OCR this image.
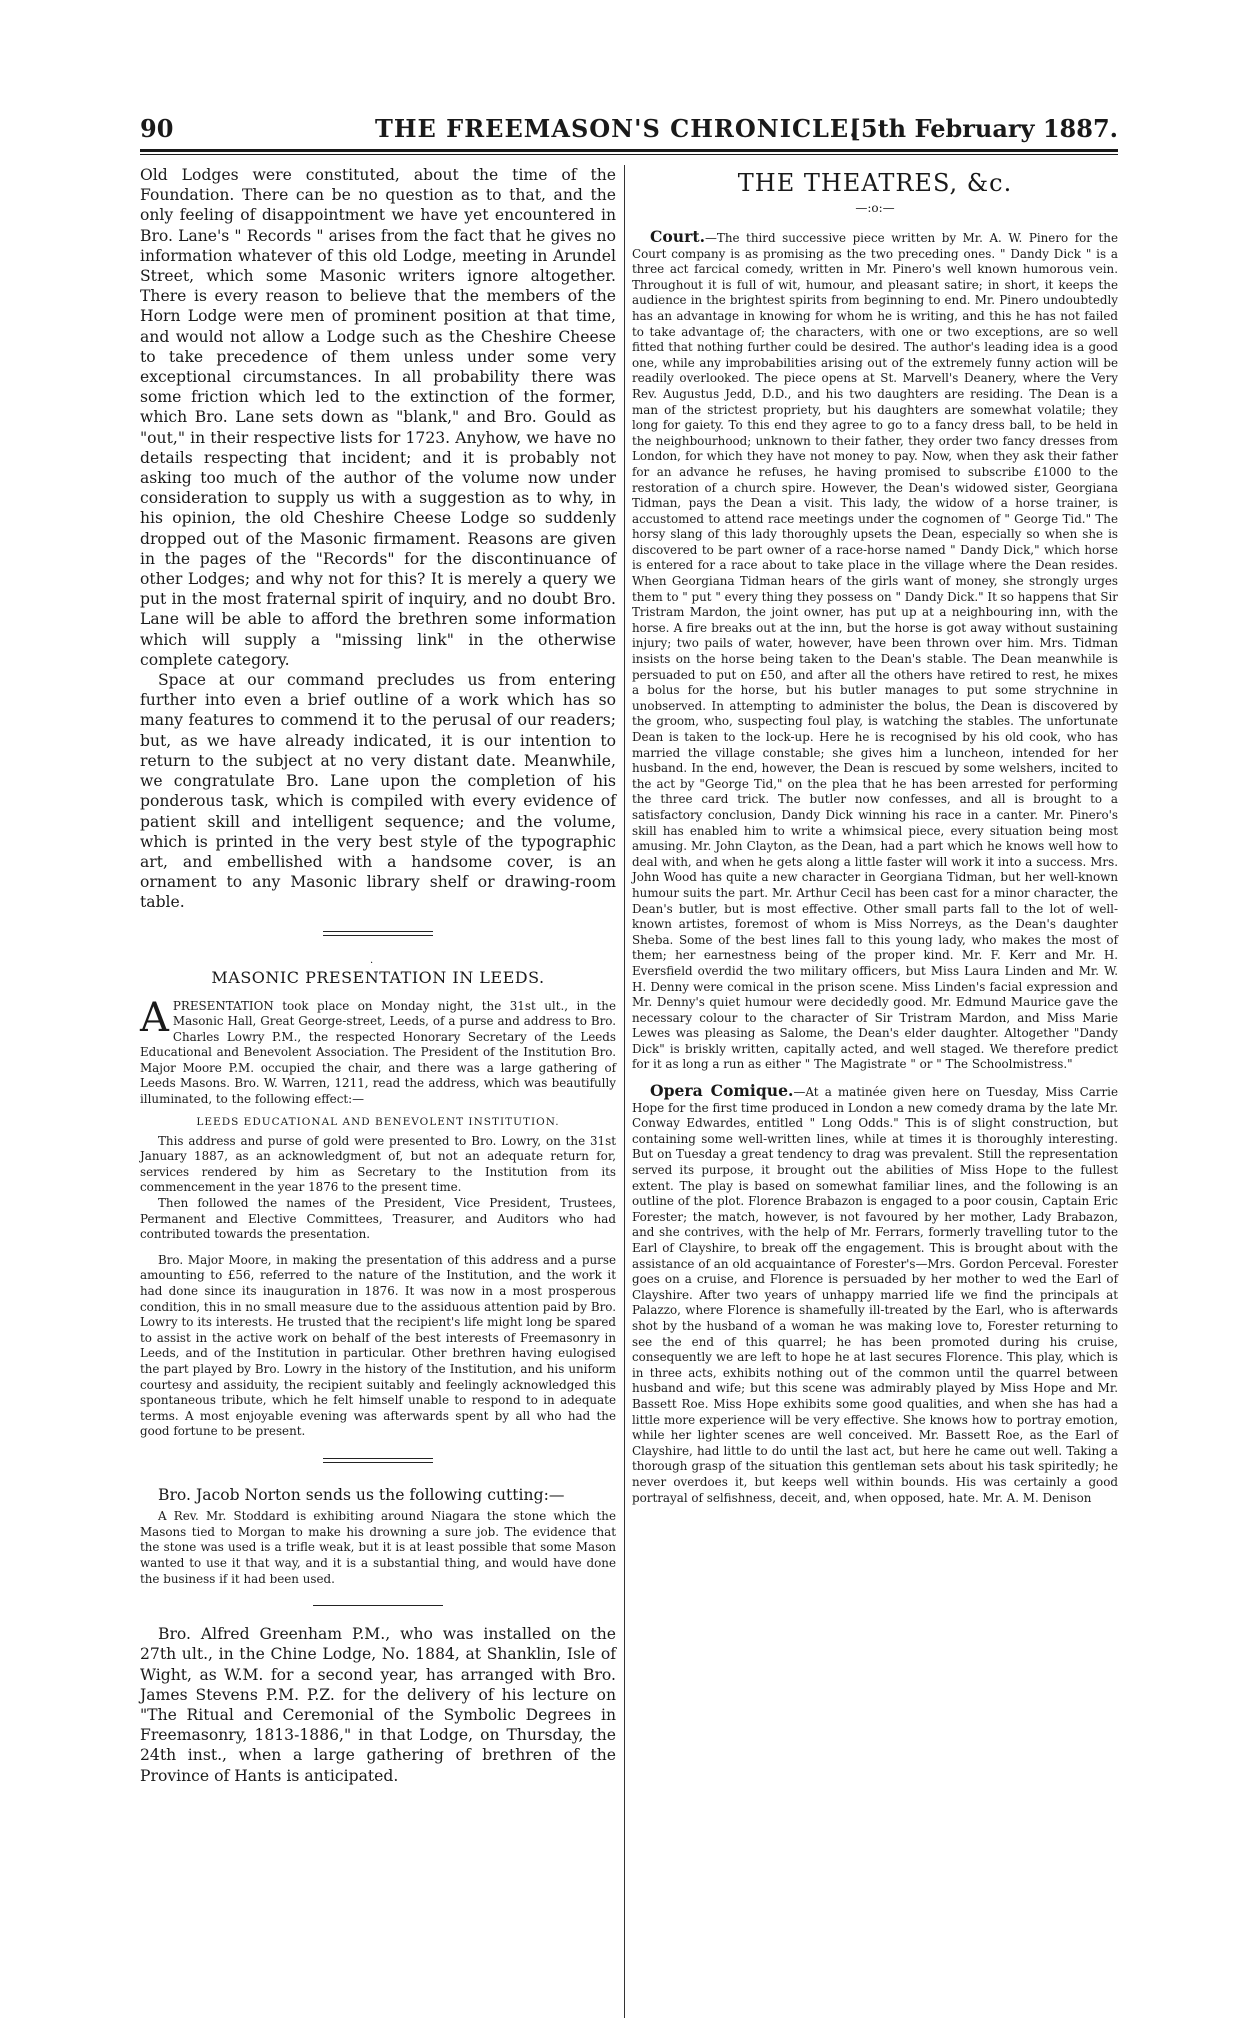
90	THE FREEMASON'S CHRONICLE.
[5th February 1887.

Old Lodges were constituted, about the time of the Foundation. There can be no question as to that, and the only feeling of disappointment we have yet encountered in Bro. Lane's " Records " arises from the fact that he gives no information whatever of this old Lodge, meeting in Arundel Street, which some Masonic writers ignore altogether. There is every reason to believe that the members of the Horn Lodge were men of prominent position at that time, and would not allow a Lodge such as the Cheshire Cheese to take precedence of them unless under some very exceptional circumstances. In all probability there was some friction which led to the extinction of the former, which Bro. Lane sets down as "blank," and Bro. Gould as "out," in their respective lists for 1723. Anyhow, we have no details respecting that incident; and it is probably not asking too much of the author of the volume now under consideration to supply us with a suggestion as to why, in his opinion, the old Cheshire Cheese Lodge so suddenly dropped out of the Masonic firmament. Reasons are given in the pages of the "Records" for the discontinuance of other Lodges; and why not for this? It is merely a query we put in the most fraternal spirit of inquiry, and no doubt Bro. Lane will be able to afford the brethren some information which will supply a "missing link" in the otherwise complete category.

Space at our command precludes us from entering further into even a brief outline of a work which has so many features to commend it to the perusal of our readers; but, as we have already indicated, it is our intention to return to the subject at no very distant date. Meanwhile, we congratulate Bro. Lane upon the completion of his ponderous task, which is compiled with every evidence of patient skill and intelligent sequence; and the volume, which is printed in the very best style of the typographic art, and embellished with a handsome cover, is an ornament to any Masonic library shelf or drawing-room table.

·

MASONIC PRESENTATION IN LEEDS.

A PRESENTATION took place on Monday night, the 31st ult., in the Masonic Hall, Great George-street, Leeds, of a purse and address to Bro. Charles Lowry P.M., the respected Honorary Secretary of the Leeds Educational and Benevolent Association. The President of the Institution Bro. Major Moore P.M. occupied the chair, and there was a large gathering of Leeds Masons. Bro. W. Warren, 1211, read the address, which was beautifully illuminated, to the following effect:—

LEEDS EDUCATIONAL AND BENEVOLENT INSTITUTION.

This address and purse of gold were presented to Bro. Lowry, on the 31st January 1887, as an acknowledgment of, but not an adequate return for, services rendered by him as Secretary to the Institution from its commencement in the year 1876 to the present time.

Then followed the names of the President, Vice President, Trustees, Permanent and Elective Committees, Treasurer, and Auditors who had contributed towards the presentation.

Bro. Major Moore, in making the presentation of this address and a purse amounting to £56, referred to the nature of the Institution, and the work it had done since its inauguration in 1876. It was now in a most prosperous condition, this in no small measure due to the assiduous attention paid by Bro. Lowry to its interests. He trusted that the recipient's life might long be spared to assist in the active work on behalf of the best interests of Freemasonry in Leeds, and of the Institution in particular. Other brethren having eulogised the part played by Bro. Lowry in the history of the Institution, and his uniform courtesy and assiduity, the recipient suitably and feelingly acknowledged this spontaneous tribute, which he felt himself unable to respond to in adequate terms. A most enjoyable evening was afterwards spent by all who had the good fortune to be present.

Bro. Jacob Norton sends us the following cutting:—

A Rev. Mr. Stoddard is exhibiting around Niagara the stone which the Masons tied to Morgan to make his drowning a sure job. The evidence that the stone was used is a trifle weak, but it is at least possible that some Mason wanted to use it that way, and it is a substantial thing, and would have done the business if it had been used.

Bro. Alfred Greenham P.M., who was installed on the 27th ult., in the Chine Lodge, No. 1884, at Shanklin, Isle of Wight, as W.M. for a second year, has arranged with Bro. James Stevens P.M. P.Z. for the delivery of his lecture on "The Ritual and Ceremonial of the Symbolic Degrees in Freemasonry, 1813-1886," in that Lodge, on Thursday, the 24th inst., when a large gathering of brethren of the Province of Hants is anticipated.

THE THEATRES, &c.

—:o:—

Court.—The third successive piece written by Mr. A. W. Pinero for the Court company is as promising as the two preceding ones. " Dandy Dick " is a three act farcical comedy, written in Mr. Pinero's well known humorous vein. Throughout it is full of wit, humour, and pleasant satire; in short, it keeps the audience in the brightest spirits from beginning to end. Mr. Pinero undoubtedly has an advantage in knowing for whom he is writing, and this he has not failed to take advantage of; the characters, with one or two exceptions, are so well fitted that nothing further could be desired. The author's leading idea is a good one, while any improbabilities arising out of the extremely funny action will be readily overlooked. The piece opens at St. Marvell's Deanery, where the Very Rev. Augustus Jedd, D.D., and his two daughters are residing. The Dean is a man of the strictest propriety, but his daughters are somewhat volatile; they long for gaiety. To this end they agree to go to a fancy dress ball, to be held in the neighbourhood; unknown to their father, they order two fancy dresses from London, for which they have not money to pay. Now, when they ask their father for an advance he refuses, he having promised to subscribe £1000 to the restoration of a church spire. However, the Dean's widowed sister, Georgiana Tidman, pays the Dean a visit. This lady, the widow of a horse trainer, is accustomed to attend race meetings under the cognomen of " George Tid." The horsy slang of this lady thoroughly upsets the Dean, especially so when she is discovered to be part owner of a race-horse named " Dandy Dick," which horse is entered for a race about to take place in the village where the Dean resides. When Georgiana Tidman hears of the girls want of money, she strongly urges them to " put " every thing they possess on " Dandy Dick." It so happens that Sir Tristram Mardon, the joint owner, has put up at a neighbouring inn, with the horse. A fire breaks out at the inn, but the horse is got away without sustaining injury; two pails of water, however, have been thrown over him. Mrs. Tidman insists on the horse being taken to the Dean's stable. The Dean meanwhile is persuaded to put on £50, and after all the others have retired to rest, he mixes a bolus for the horse, but his butler manages to put some strychnine in unobserved. In attempting to administer the bolus, the Dean is discovered by the groom, who, suspecting foul play, is watching the stables. The unfortunate Dean is taken to the lock-up. Here he is recognised by his old cook, who has married the village constable; she gives him a luncheon, intended for her husband. In the end, however, the Dean is rescued by some welshers, incited to the act by "George Tid," on the plea that he has been arrested for performing the three card trick. The butler now confesses, and all is brought to a satisfactory conclusion, Dandy Dick winning his race in a canter. Mr. Pinero's skill has enabled him to write a whimsical piece, every situation being most amusing. Mr. John Clayton, as the Dean, had a part which he knows well how to deal with, and when he gets along a little faster will work it into a success. Mrs. John Wood has quite a new character in Georgiana Tidman, but her well-known humour suits the part. Mr. Arthur Cecil has been cast for a minor character, the Dean's butler, but is most effective. Other small parts fall to the lot of well-known artistes, foremost of whom is Miss Norreys, as the Dean's daughter Sheba. Some of the best lines fall to this young lady, who makes the most of them; her earnestness being of the proper kind. Mr. F. Kerr and Mr. H. Eversfield overdid the two military officers, but Miss Laura Linden and Mr. W. H. Denny were comical in the prison scene. Miss Linden's facial expression and Mr. Denny's quiet humour were decidedly good. Mr. Edmund Maurice gave the necessary colour to the character of Sir Tristram Mardon, and Miss Marie Lewes was pleasing as Salome, the Dean's elder daughter. Altogether "Dandy Dick" is briskly written, capitally acted, and well staged. We therefore predict for it as long a run as either " The Magistrate " or " The Schoolmistress."

Opera Comique.—At a matinée given here on Tuesday, Miss Carrie Hope for the first time produced in London a new comedy drama by the late Mr. Conway Edwardes, entitled " Long Odds." This is of slight construction, but containing some well-written lines, while at times it is thoroughly interesting. But on Tuesday a great tendency to drag was prevalent. Still the representation served its purpose, it brought out the abilities of Miss Hope to the fullest extent. The play is based on somewhat familiar lines, and the following is an outline of the plot. Florence Brabazon is engaged to a poor cousin, Captain Eric Forester; the match, however, is not favoured by her mother, Lady Brabazon, and she contrives, with the help of Mr. Ferrars, formerly travelling tutor to the Earl of Clayshire, to break off the engagement. This is brought about with the assistance of an old acquaintance of Forester's—Mrs. Gordon Perceval. Forester goes on a cruise, and Florence is persuaded by her mother to wed the Earl of Clayshire. After two years of unhappy married life we find the principals at Palazzo, where Florence is shamefully ill-treated by the Earl, who is afterwards shot by the husband of a woman he was making love to, Forester returning to see the end of this quarrel; he has been promoted during his cruise, consequently we are left to hope he at last secures Florence. This play, which is in three acts, exhibits nothing out of the common until the quarrel between husband and wife; but this scene was admirably played by Miss Hope and Mr. Bassett Roe. Miss Hope exhibits some good qualities, and when she has had a little more experience will be very effective. She knows how to portray emotion, while her lighter scenes are well conceived. Mr. Bassett Roe, as the Earl of Clayshire, had little to do until the last act, but here he came out well. Taking a thorough grasp of the situation this gentleman sets about his task spiritedly; he never overdoes it, but keeps well within bounds. His was certainly a good portrayal of selfishness, deceit, and, when opposed, hate. Mr. A. M. Denison
